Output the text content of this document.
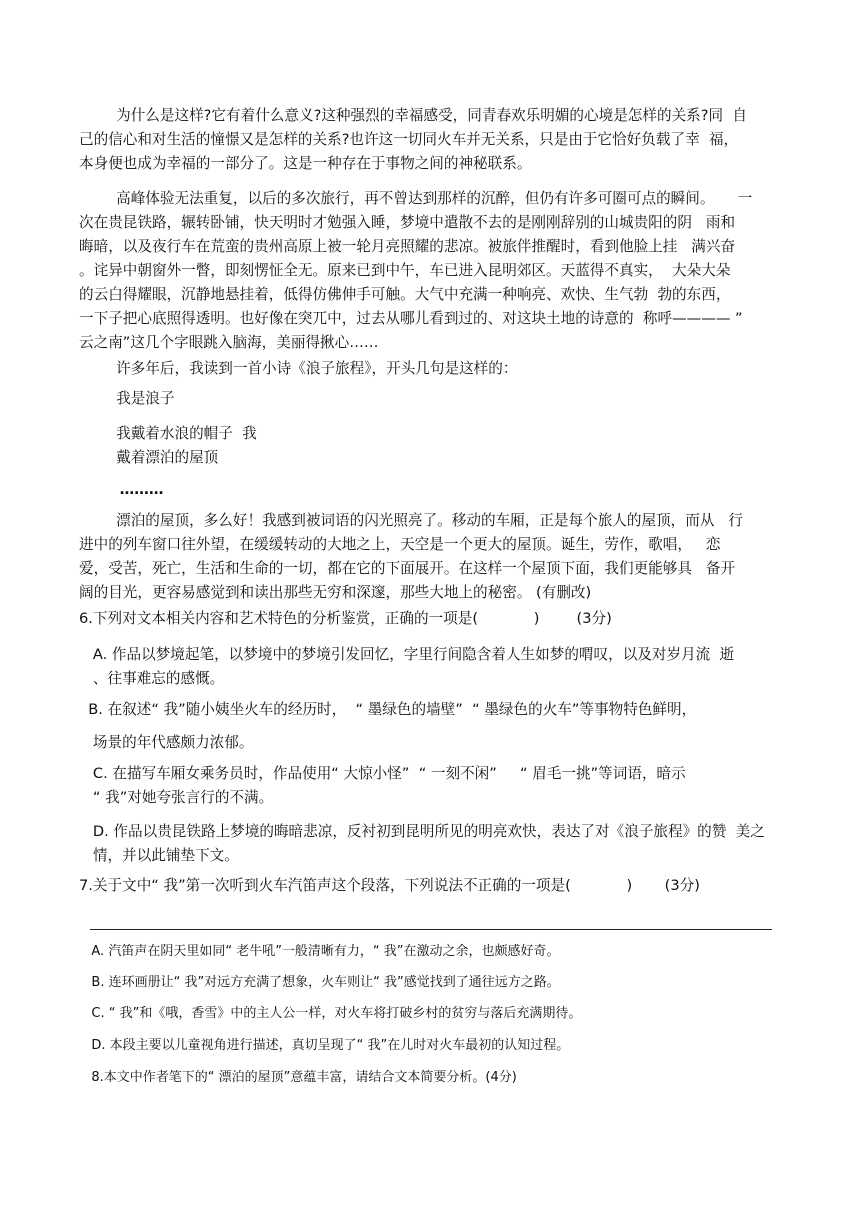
为什么是这样?它有着什么意义?这种强烈的幸福感受，同青春欢乐明媚的心境是怎样的关系?同  自
己的信心和对生活的憧憬又是怎样的关系?也许这一切同火车并无关系，只是由于它恰好负载了幸  福，
本身便也成为幸福的一部分了。这是一种存在于事物之间的神秘联系。
高峰体验无法重复，以后的多次旅行，再不曾达到那样的沉醉，但仍有许多可圈可点的瞬间。     一
次在贵昆铁路，辗转卧铺，快天明时才勉强入睡，梦境中遣散不去的是刚刚辞别的山城贵阳的阴   雨和
晦暗，以及夜行车在荒蛮的贵州高原上被一轮月亮照耀的悲凉。被旅伴推醒时，看到他脸上挂   满兴奋
。诧异中朝窗外一瞥，即刻愣怔全无。原来已到中午，车已进入昆明郊区。天蓝得不真实，  大朵大朵
的云白得耀眼，沉静地悬挂着，低得仿佛伸手可触。大气中充满一种响亮、欢快、生气勃  勃的东西，
一下子把心底照得透明。也好像在突兀中，过去从哪儿看到过的、对这块土地的诗意的  称呼———— ”
云之南”这几个字眼跳入脑海，美丽得揪心……
许多年后，我读到一首小诗《浪子旅程》，开头几句是这样的：
我是浪子
我戴着水浪的帽子  我
戴着漂泊的屋顶
………
漂泊的屋顶，多么好！我感到被词语的闪光照亮了。移动的车厢，正是每个旅人的屋顶，而从   行
进中的列车窗口往外望，在缓缓转动的大地之上，天空是一个更大的屋顶。诞生，劳作，歌唱，   恋
爱，受苦，死亡，生活和生命的一切，都在它的下面展开。在这样一个屋顶下面，我们更能够具   备开
阔的目光，更容易感觉到和读出那些无穷和深邃，那些大地上的秘密。 (有删改)
6.下列对文本相关内容和艺术特色的分析鉴赏，正确的一项是(            )        (3分)
A. 作品以梦境起笔，以梦境中的梦境引发回忆，字里行间隐含着人生如梦的喟叹，以及对岁月流  逝
、往事难忘的感慨。
B. 在叙述“ 我”随小姨坐火车的经历时，  “ 墨绿色的墙壁”  “ 墨绿色的火车”等事物特色鲜明，
场景的年代感颇力浓郁。
C. 在描写车厢女乘务员时，作品使用“ 大惊小怪”  “ 一刻不闲”     “ 眉毛一挑”等词语，暗示
“ 我”对她夸张言行的不满。
D. 作品以贵昆铁路上梦境的晦暗悲凉，反衬初到昆明所见的明亮欢快，表达了对《浪子旅程》的赞  美之
情，并以此铺垫下文。
7.关于文中“ 我”第一次听到火车汽笛声这个段落，下列说法不正确的一项是(            )       (3分)
A. 汽笛声在阴天里如同“ 老牛吼”一般清晰有力，“ 我”在激动之余，也颇感好奇。
B. 连环画册让“ 我”对远方充满了想象，火车则让“ 我”感觉找到了通往远方之路。
C. “ 我”和《哦，香雪》中的主人公一样，对火车将打破乡村的贫穷与落后充满期待。
D. 本段主要以儿童视角进行描述，真切呈现了“ 我”在儿时对火车最初的认知过程。
8.本文中作者笔下的“ 漂泊的屋顶”意蕴丰富，请结合文本简要分析。(4分)
